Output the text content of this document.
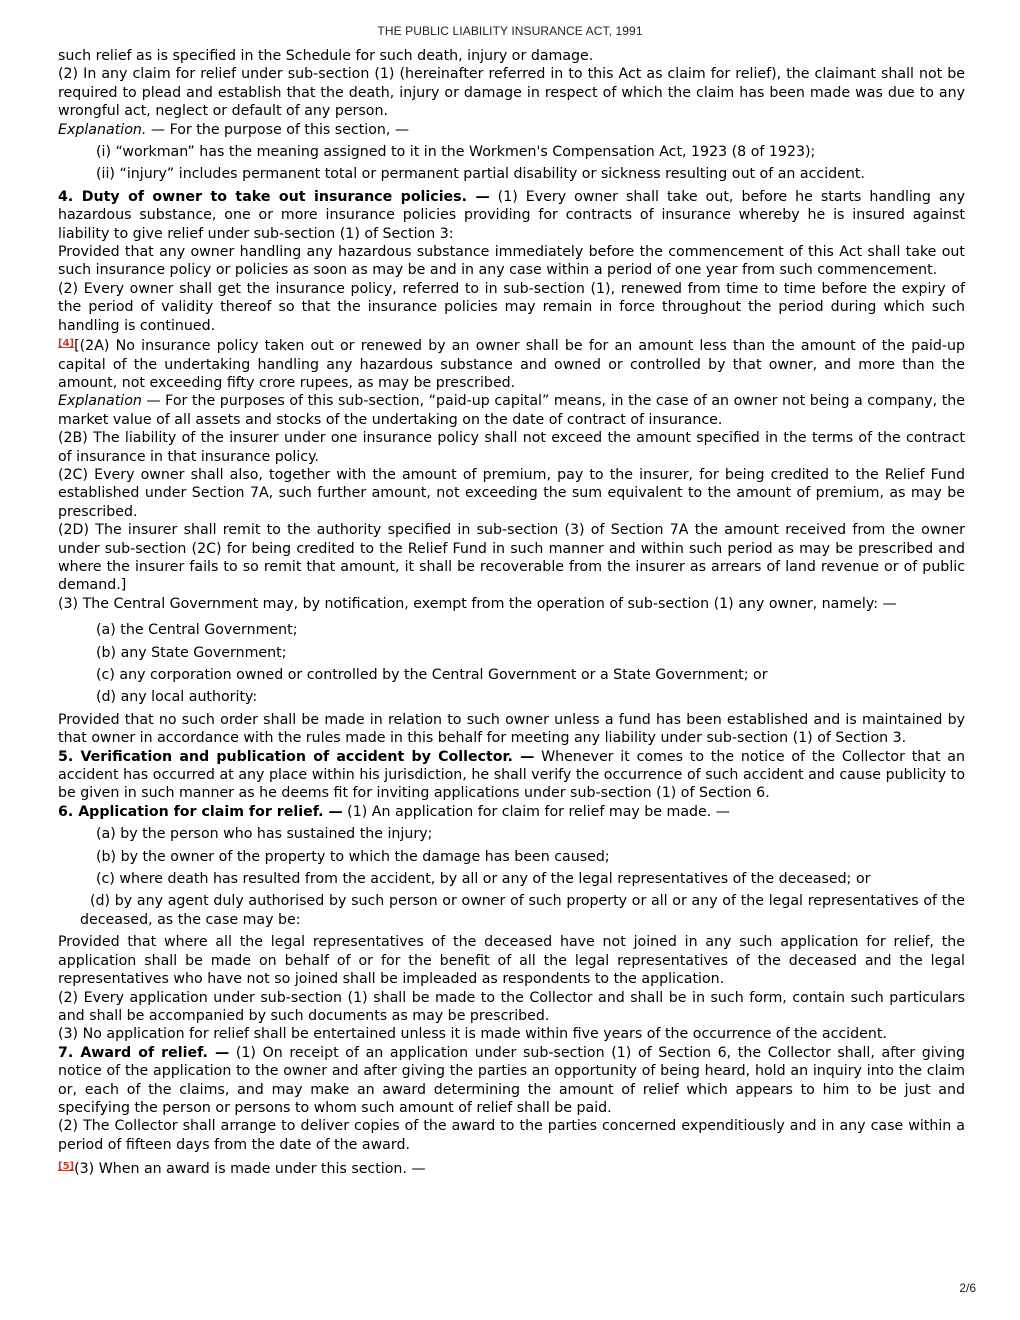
THE PUBLIC LIABILITY INSURANCE ACT, 1991

such relief as is specified in the Schedule for such death, injury or damage.

(2) In any claim for relief under sub-section (1) (hereinafter referred in to this Act as claim for relief), the claimant shall not be required to plead and establish that the death, injury or damage in respect of which the claim has been made was due to any wrongful act, neglect or default of any person.

Explanation. — For the purpose of this section, —

(i) “workman” has the meaning assigned to it in the Workmen's Compensation Act, 1923 (8 of 1923);

(ii) “injury” includes permanent total or permanent partial disability or sickness resulting out of an accident.

4. Duty of owner to take out insurance policies. — (1) Every owner shall take out, before he starts handling any hazardous substance, one or more insurance policies providing for contracts of insurance whereby he is insured against liability to give relief under sub-section (1) of Section 3:

Provided that any owner handling any hazardous substance immediately before the commencement of this Act shall take out such insurance policy or policies as soon as may be and in any case within a period of one year from such commencement.

(2) Every owner shall get the insurance policy, referred to in sub-section (1), renewed from time to time before the expiry of the period of validity thereof so that the insurance policies may remain in force throughout the period during which such handling is continued.

[4][(2A) No insurance policy taken out or renewed by an owner shall be for an amount less than the amount of the paid-up capital of the undertaking handling any hazardous substance and owned or controlled by that owner, and more than the amount, not exceeding fifty crore rupees, as may be prescribed.

Explanation — For the purposes of this sub-section, “paid-up capital” means, in the case of an owner not being a company, the market value of all assets and stocks of the undertaking on the date of contract of insurance.

(2B) The liability of the insurer under one insurance policy shall not exceed the amount specified in the terms of the contract of insurance in that insurance policy.

(2C) Every owner shall also, together with the amount of premium, pay to the insurer, for being credited to the Relief Fund established under Section 7A, such further amount, not exceeding the sum equivalent to the amount of premium, as may be prescribed.

(2D) The insurer shall remit to the authority specified in sub-section (3) of Section 7A the amount received from the owner under sub-section (2C) for being credited to the Relief Fund in such manner and within such period as may be prescribed and where the insurer fails to so remit that amount, it shall be recoverable from the insurer as arrears of land revenue or of public demand.]

(3) The Central Government may, by notification, exempt from the operation of sub-section (1) any owner, namely: —

(a) the Central Government;

(b) any State Government;

(c) any corporation owned or controlled by the Central Government or a State Government; or

(d) any local authority:

Provided that no such order shall be made in relation to such owner unless a fund has been established and is maintained by that owner in accordance with the rules made in this behalf for meeting any liability under sub-section (1) of Section 3.

5. Verification and publication of accident by Collector. — Whenever it comes to the notice of the Collector that an accident has occurred at any place within his jurisdiction, he shall verify the occurrence of such accident and cause publicity to be given in such manner as he deems fit for inviting applications under sub-section (1) of Section 6.

6. Application for claim for relief. — (1) An application for claim for relief may be made. —

(a) by the person who has sustained the injury;

(b) by the owner of the property to which the damage has been caused;

(c) where death has resulted from the accident, by all or any of the legal representatives of the deceased; or

(d) by any agent duly authorised by such person or owner of such property or all or any of the legal representatives of the deceased, as the case may be:

Provided that where all the legal representatives of the deceased have not joined in any such application for relief, the application shall be made on behalf of or for the benefit of all the legal representatives of the deceased and the legal representatives who have not so joined shall be impleaded as respondents to the application.

(2) Every application under sub-section (1) shall be made to the Collector and shall be in such form, contain such particulars and shall be accompanied by such documents as may be prescribed.

(3) No application for relief shall be entertained unless it is made within five years of the occurrence of the accident.

7. Award of relief. — (1) On receipt of an application under sub-section (1) of Section 6, the Collector shall, after giving notice of the application to the owner and after giving the parties an opportunity of being heard, hold an inquiry into the claim or, each of the claims, and may make an award determining the amount of relief which appears to him to be just and specifying the person or persons to whom such amount of relief shall be paid.

(2) The Collector shall arrange to deliver copies of the award to the parties concerned expenditiously and in any case within a period of fifteen days from the date of the award.

[5](3) When an award is made under this section. —

2/6
